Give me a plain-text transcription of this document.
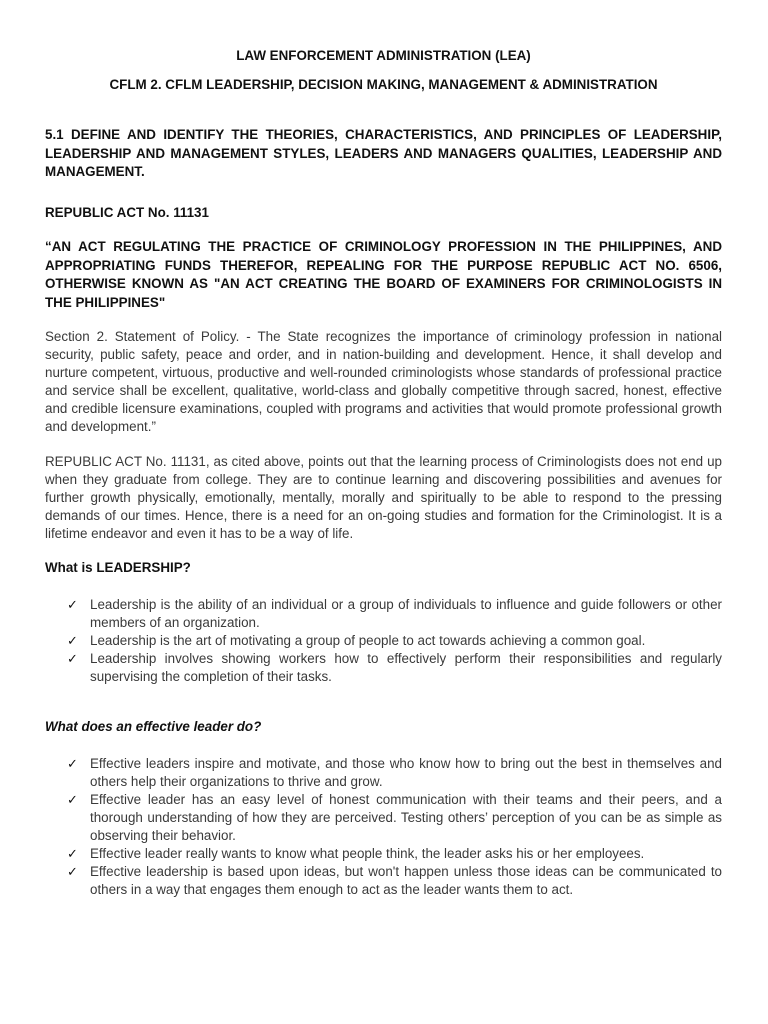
LAW ENFORCEMENT ADMINISTRATION (LEA)
CFLM 2. CFLM LEADERSHIP, DECISION MAKING, MANAGEMENT & ADMINISTRATION
5.1 DEFINE AND IDENTIFY THE THEORIES, CHARACTERISTICS, AND PRINCIPLES OF LEADERSHIP, LEADERSHIP AND MANAGEMENT STYLES, LEADERS AND MANAGERS QUALITIES, LEADERSHIP AND MANAGEMENT.
REPUBLIC ACT No. 11131
“AN ACT REGULATING THE PRACTICE OF CRIMINOLOGY PROFESSION IN THE PHILIPPINES, AND APPROPRIATING FUNDS THEREFOR, REPEALING FOR THE PURPOSE REPUBLIC ACT NO. 6506, OTHERWISE KNOWN AS "AN ACT CREATING THE BOARD OF EXAMINERS FOR CRIMINOLOGISTS IN THE PHILIPPINES"
Section 2. Statement of Policy. - The State recognizes the importance of criminology profession in national security, public safety, peace and order, and in nation-building and development. Hence, it shall develop and nurture competent, virtuous, productive and well-rounded criminologists whose standards of professional practice and service shall be excellent, qualitative, world-class and globally competitive through sacred, honest, effective and credible licensure examinations, coupled with programs and activities that would promote professional growth and development.”
REPUBLIC ACT No. 11131, as cited above, points out that the learning process of Criminologists does not end up when they graduate from college. They are to continue learning and discovering possibilities and avenues for further growth physically, emotionally, mentally, morally and spiritually to be able to respond to the pressing demands of our times. Hence, there is a need for an on-going studies and formation for the Criminologist. It is a lifetime endeavor and even it has to be a way of life.
What is LEADERSHIP?
✓ Leadership is the ability of an individual or a group of individuals to influence and guide followers or other members of an organization.
✓ Leadership is the art of motivating a group of people to act towards achieving a common goal.
✓ Leadership involves showing workers how to effectively perform their responsibilities and regularly supervising the completion of their tasks.
What does an effective leader do?
✓ Effective leaders inspire and motivate, and those who know how to bring out the best in themselves and others help their organizations to thrive and grow.
✓ Effective leader has an easy level of honest communication with their teams and their peers, and a thorough understanding of how they are perceived. Testing others’ perception of you can be as simple as observing their behavior.
✓ Effective leader really wants to know what people think, the leader asks his or her employees.
✓ Effective leadership is based upon ideas, but won't happen unless those ideas can be communicated to others in a way that engages them enough to act as the leader wants them to act.
